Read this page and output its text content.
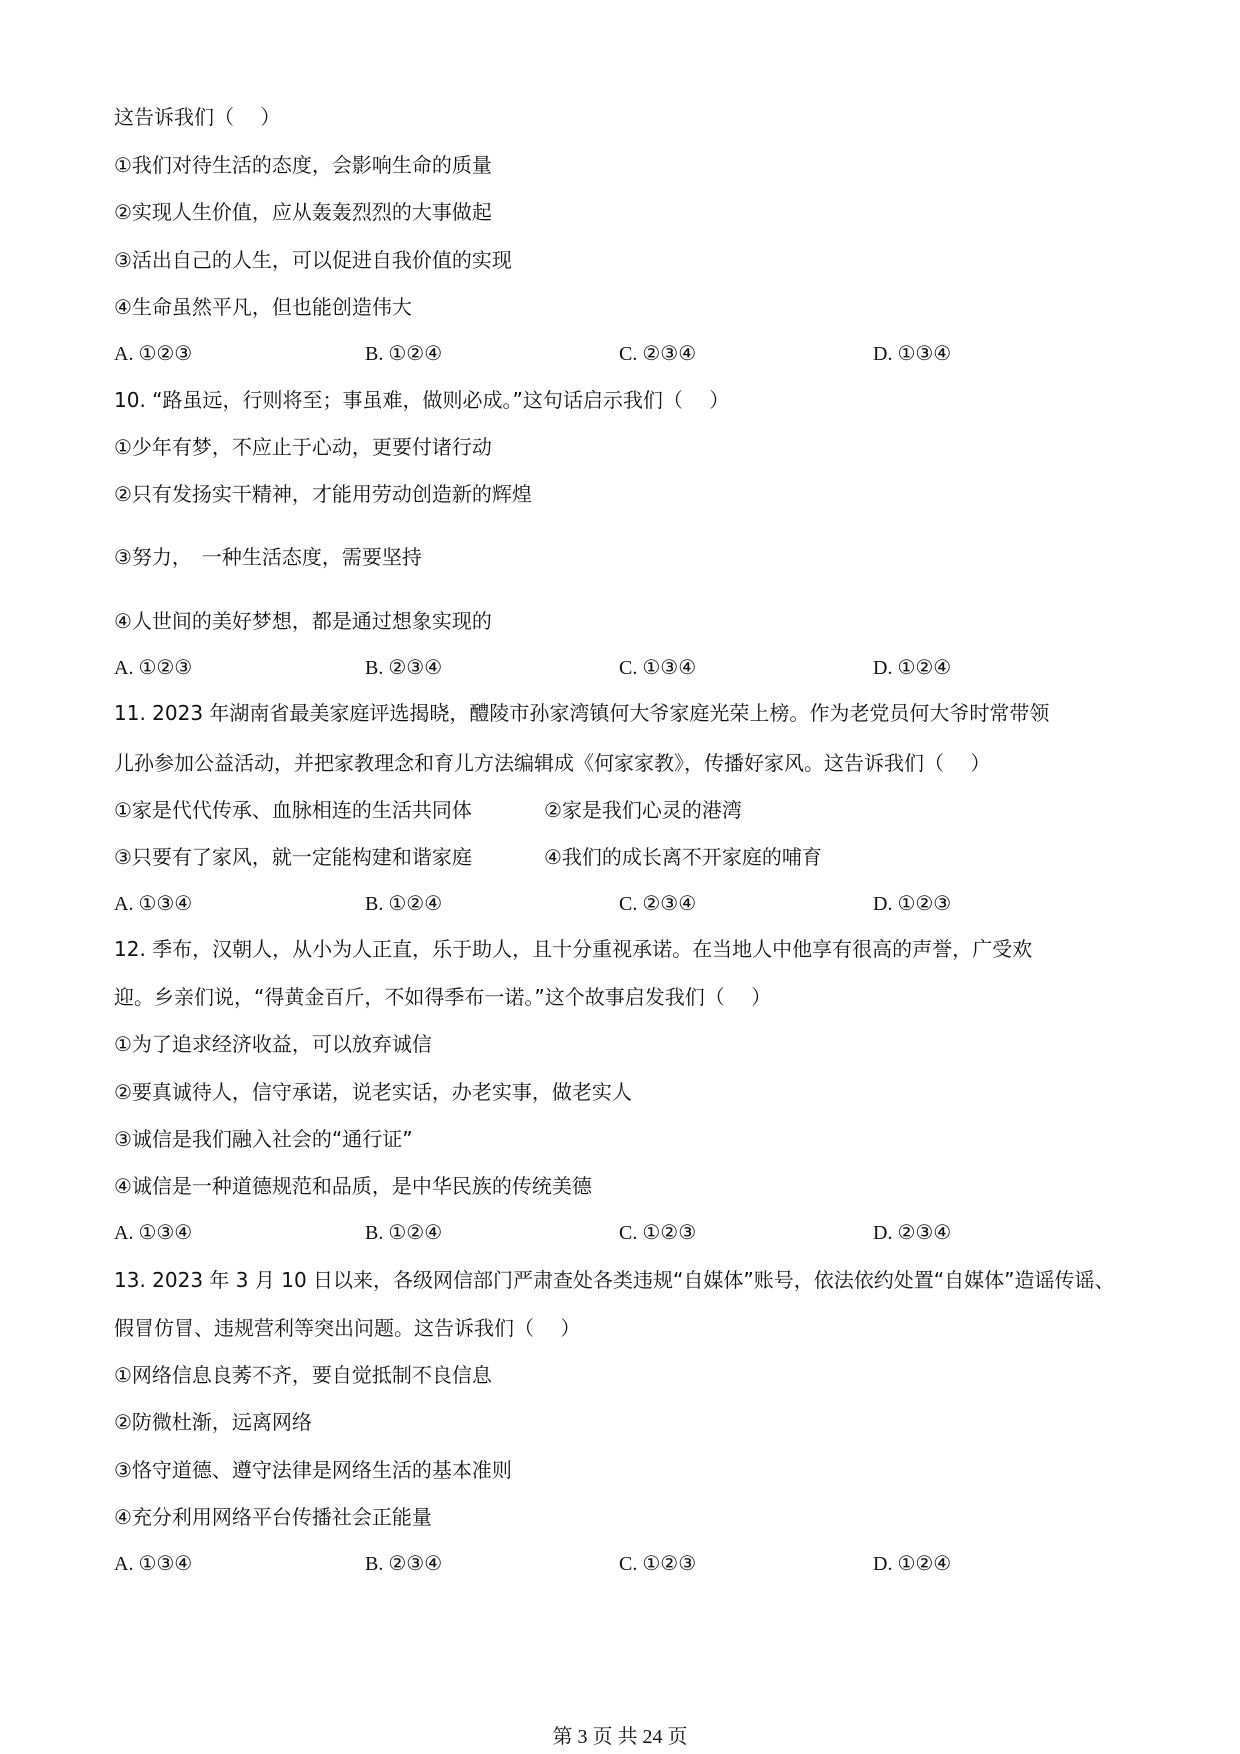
这告诉我们（　 ）
①我们对待生活的态度，会影响生命的质量
②实现人生价值，应从轰轰烈烈的大事做起
③活出自己的人生，可以促进自我价值的实现
④生命虽然平凡，但也能创造伟大
A. ①②③	B. ①②④	C. ②③④	D. ①③④
10. “路虽远，行则将至；事虽难，做则必成。”这句话启示我们（　 ）
①少年有梦，不应止于心动，更要付诸行动
②只有发扬实干精神，才能用劳动创造新的辉煌
③努力，　一种生活态度，需要坚持
④人世间的美好梦想，都是通过想象实现的
A. ①②③	B. ②③④	C. ①③④	D. ①②④
11. 2023 年湖南省最美家庭评选揭晓，醴陵市孙家湾镇何大爷家庭光荣上榜。作为老党员何大爷时常带领
儿孙参加公益活动，并把家教理念和育儿方法编辑成《何家家教》，传播好家风。这告诉我们（　 ）
①家是代代传承、血脉相连的生活共同体	②家是我们心灵的港湾
③只要有了家风，就一定能构建和谐家庭	④我们的成长离不开家庭的哺育
A. ①③④	B. ①②④	C. ②③④	D. ①②③
12. 季布，汉朝人，从小为人正直，乐于助人，且十分重视承诺。在当地人中他享有很高的声誉，广受欢
迎。乡亲们说，“得黄金百斤，不如得季布一诺。”这个故事启发我们（　 ）
①为了追求经济收益，可以放弃诚信
②要真诚待人，信守承诺，说老实话，办老实事，做老实人
③诚信是我们融入社会的“通行证”
④诚信是一种道德规范和品质，是中华民族的传统美德
A. ①③④	B. ①②④	C. ①②③	D. ②③④
13. 2023 年 3 月 10 日以来，各级网信部门严肃查处各类违规“自媒体”账号，依法依约处置“自媒体”造谣传谣、
假冒仿冒、违规营利等突出问题。这告诉我们（　 ）
①网络信息良莠不齐，要自觉抵制不良信息
②防微杜渐，远离网络
③恪守道德、遵守法律是网络生活的基本准则
④充分利用网络平台传播社会正能量
A. ①③④	B. ②③④	C. ①②③	D. ①②④
第 3 页 共 24 页
